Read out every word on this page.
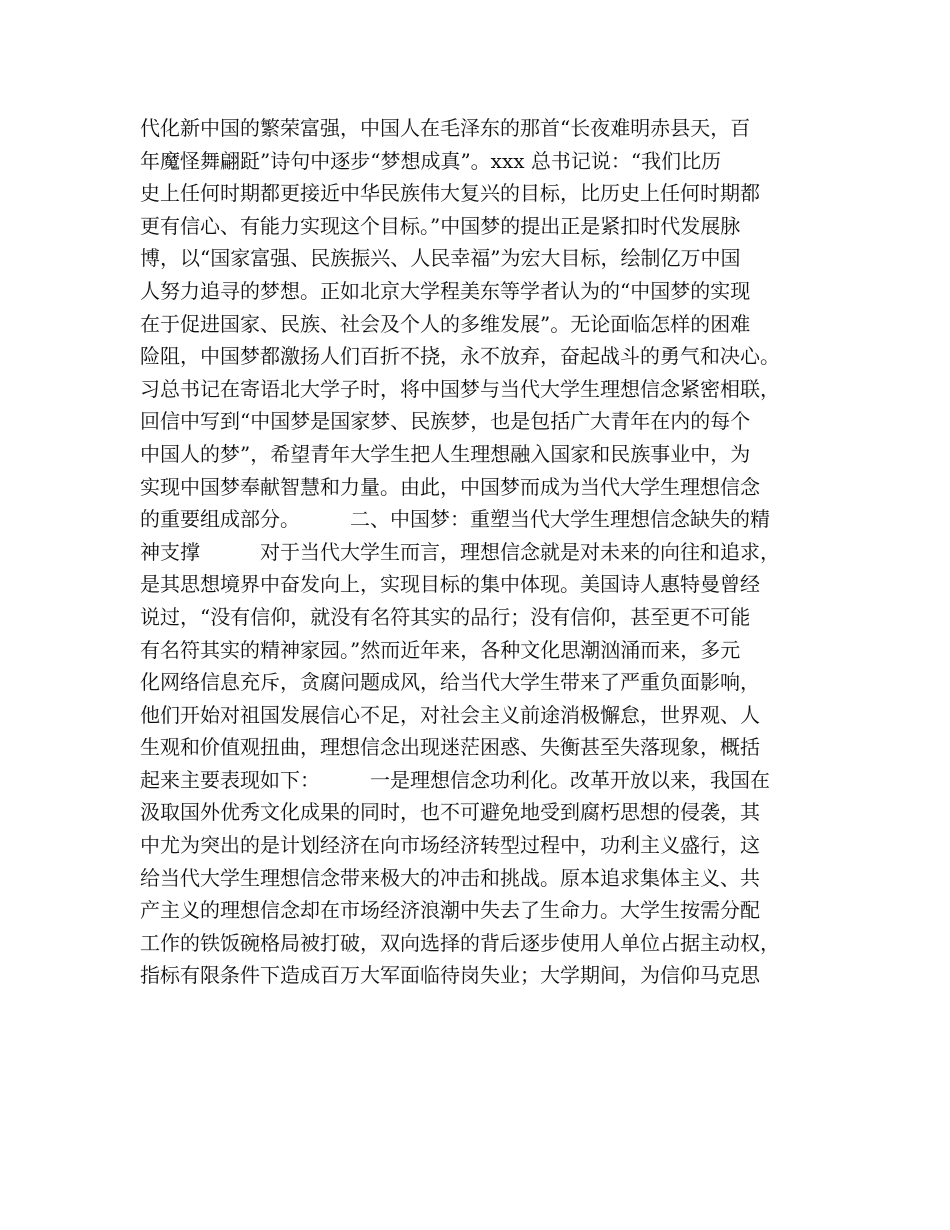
代化新中国的繁荣富强，中国人在毛泽东的那首“长夜难明赤县天，百
年魔怪舞翩跹”诗句中逐步“梦想成真”。xxx 总书记说：“我们比历
史上任何时期都更接近中华民族伟大复兴的目标，比历史上任何时期都
更有信心、有能力实现这个目标。”中国梦的提出正是紧扣时代发展脉
博，以“国家富强、民族振兴、人民幸福”为宏大目标，绘制亿万中国
人努力追寻的梦想。正如北京大学程美东等学者认为的“中国梦的实现
在于促进国家、民族、社会及个人的多维发展”。无论面临怎样的困难
险阻，中国梦都激扬人们百折不挠，永不放弃，奋起战斗的勇气和决心。
习总书记在寄语北大学子时，将中国梦与当代大学生理想信念紧密相联，
回信中写到“中国梦是国家梦、民族梦，也是包括广大青年在内的每个
中国人的梦”，希望青年大学生把人生理想融入国家和民族事业中，为
实现中国梦奉献智慧和力量。由此，中国梦而成为当代大学生理想信念
的重要组成部分。　　　二、中国梦：重塑当代大学生理想信念缺失的精
神支撑　　　对于当代大学生而言，理想信念就是对未来的向往和追求，
是其思想境界中奋发向上，实现目标的集中体现。美国诗人惠特曼曾经
说过，“没有信仰，就没有名符其实的品行；没有信仰，甚至更不可能
有名符其实的精神家园。”然而近年来，各种文化思潮汹涌而来，多元
化网络信息充斥，贪腐问题成风，给当代大学生带来了严重负面影响，
他们开始对祖国发展信心不足，对社会主义前途消极懈怠，世界观、人
生观和价值观扭曲，理想信念出现迷茫困惑、失衡甚至失落现象，概括
起来主要表现如下：　　　一是理想信念功利化。改革开放以来，我国在
汲取国外优秀文化成果的同时，也不可避免地受到腐朽思想的侵袭，其
中尤为突出的是计划经济在向市场经济转型过程中，功利主义盛行，这
给当代大学生理想信念带来极大的冲击和挑战。原本追求集体主义、共
产主义的理想信念却在市场经济浪潮中失去了生命力。大学生按需分配
工作的铁饭碗格局被打破，双向选择的背后逐步使用人单位占据主动权，
指标有限条件下造成百万大军面临待岗失业；大学期间，为信仰马克思
